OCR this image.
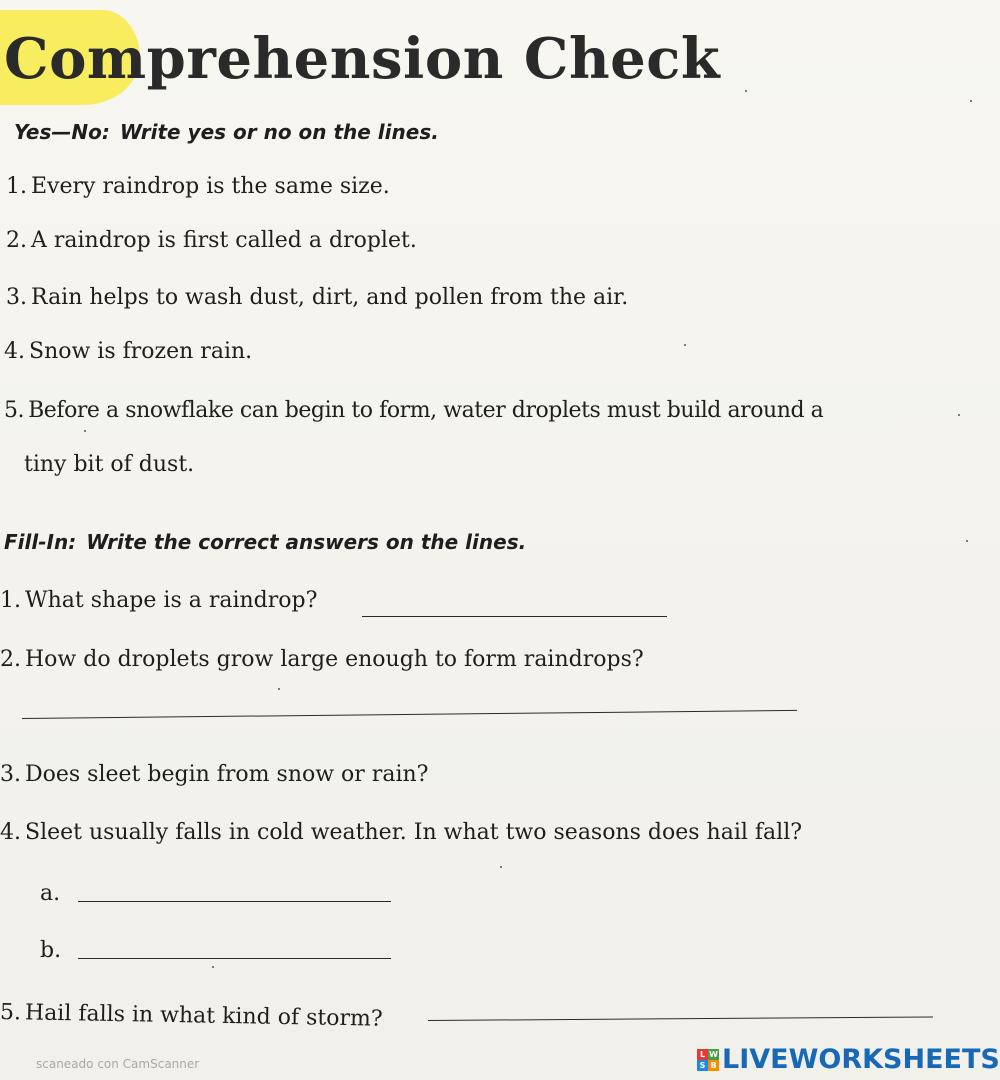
Comprehension Check
Yes—No: Write yes or no on the lines.
1. Every raindrop is the same size.
2. A raindrop is first called a droplet.
3. Rain helps to wash dust, dirt, and pollen from the air.
4. Snow is frozen rain.
5. Before a snowflake can begin to form, water droplets must build around a
tiny bit of dust.
Fill-In: Write the correct answers on the lines.
1. What shape is a raindrop?
2. How do droplets grow large enough to form raindrops?
3. Does sleet begin from snow or rain?
4. Sleet usually falls in cold weather. In what two seasons does hail fall?
a.
b.
5. Hail falls in what kind of storm?
scaneado con CamScanner
L W
S B LIVEWORKSHEETS
